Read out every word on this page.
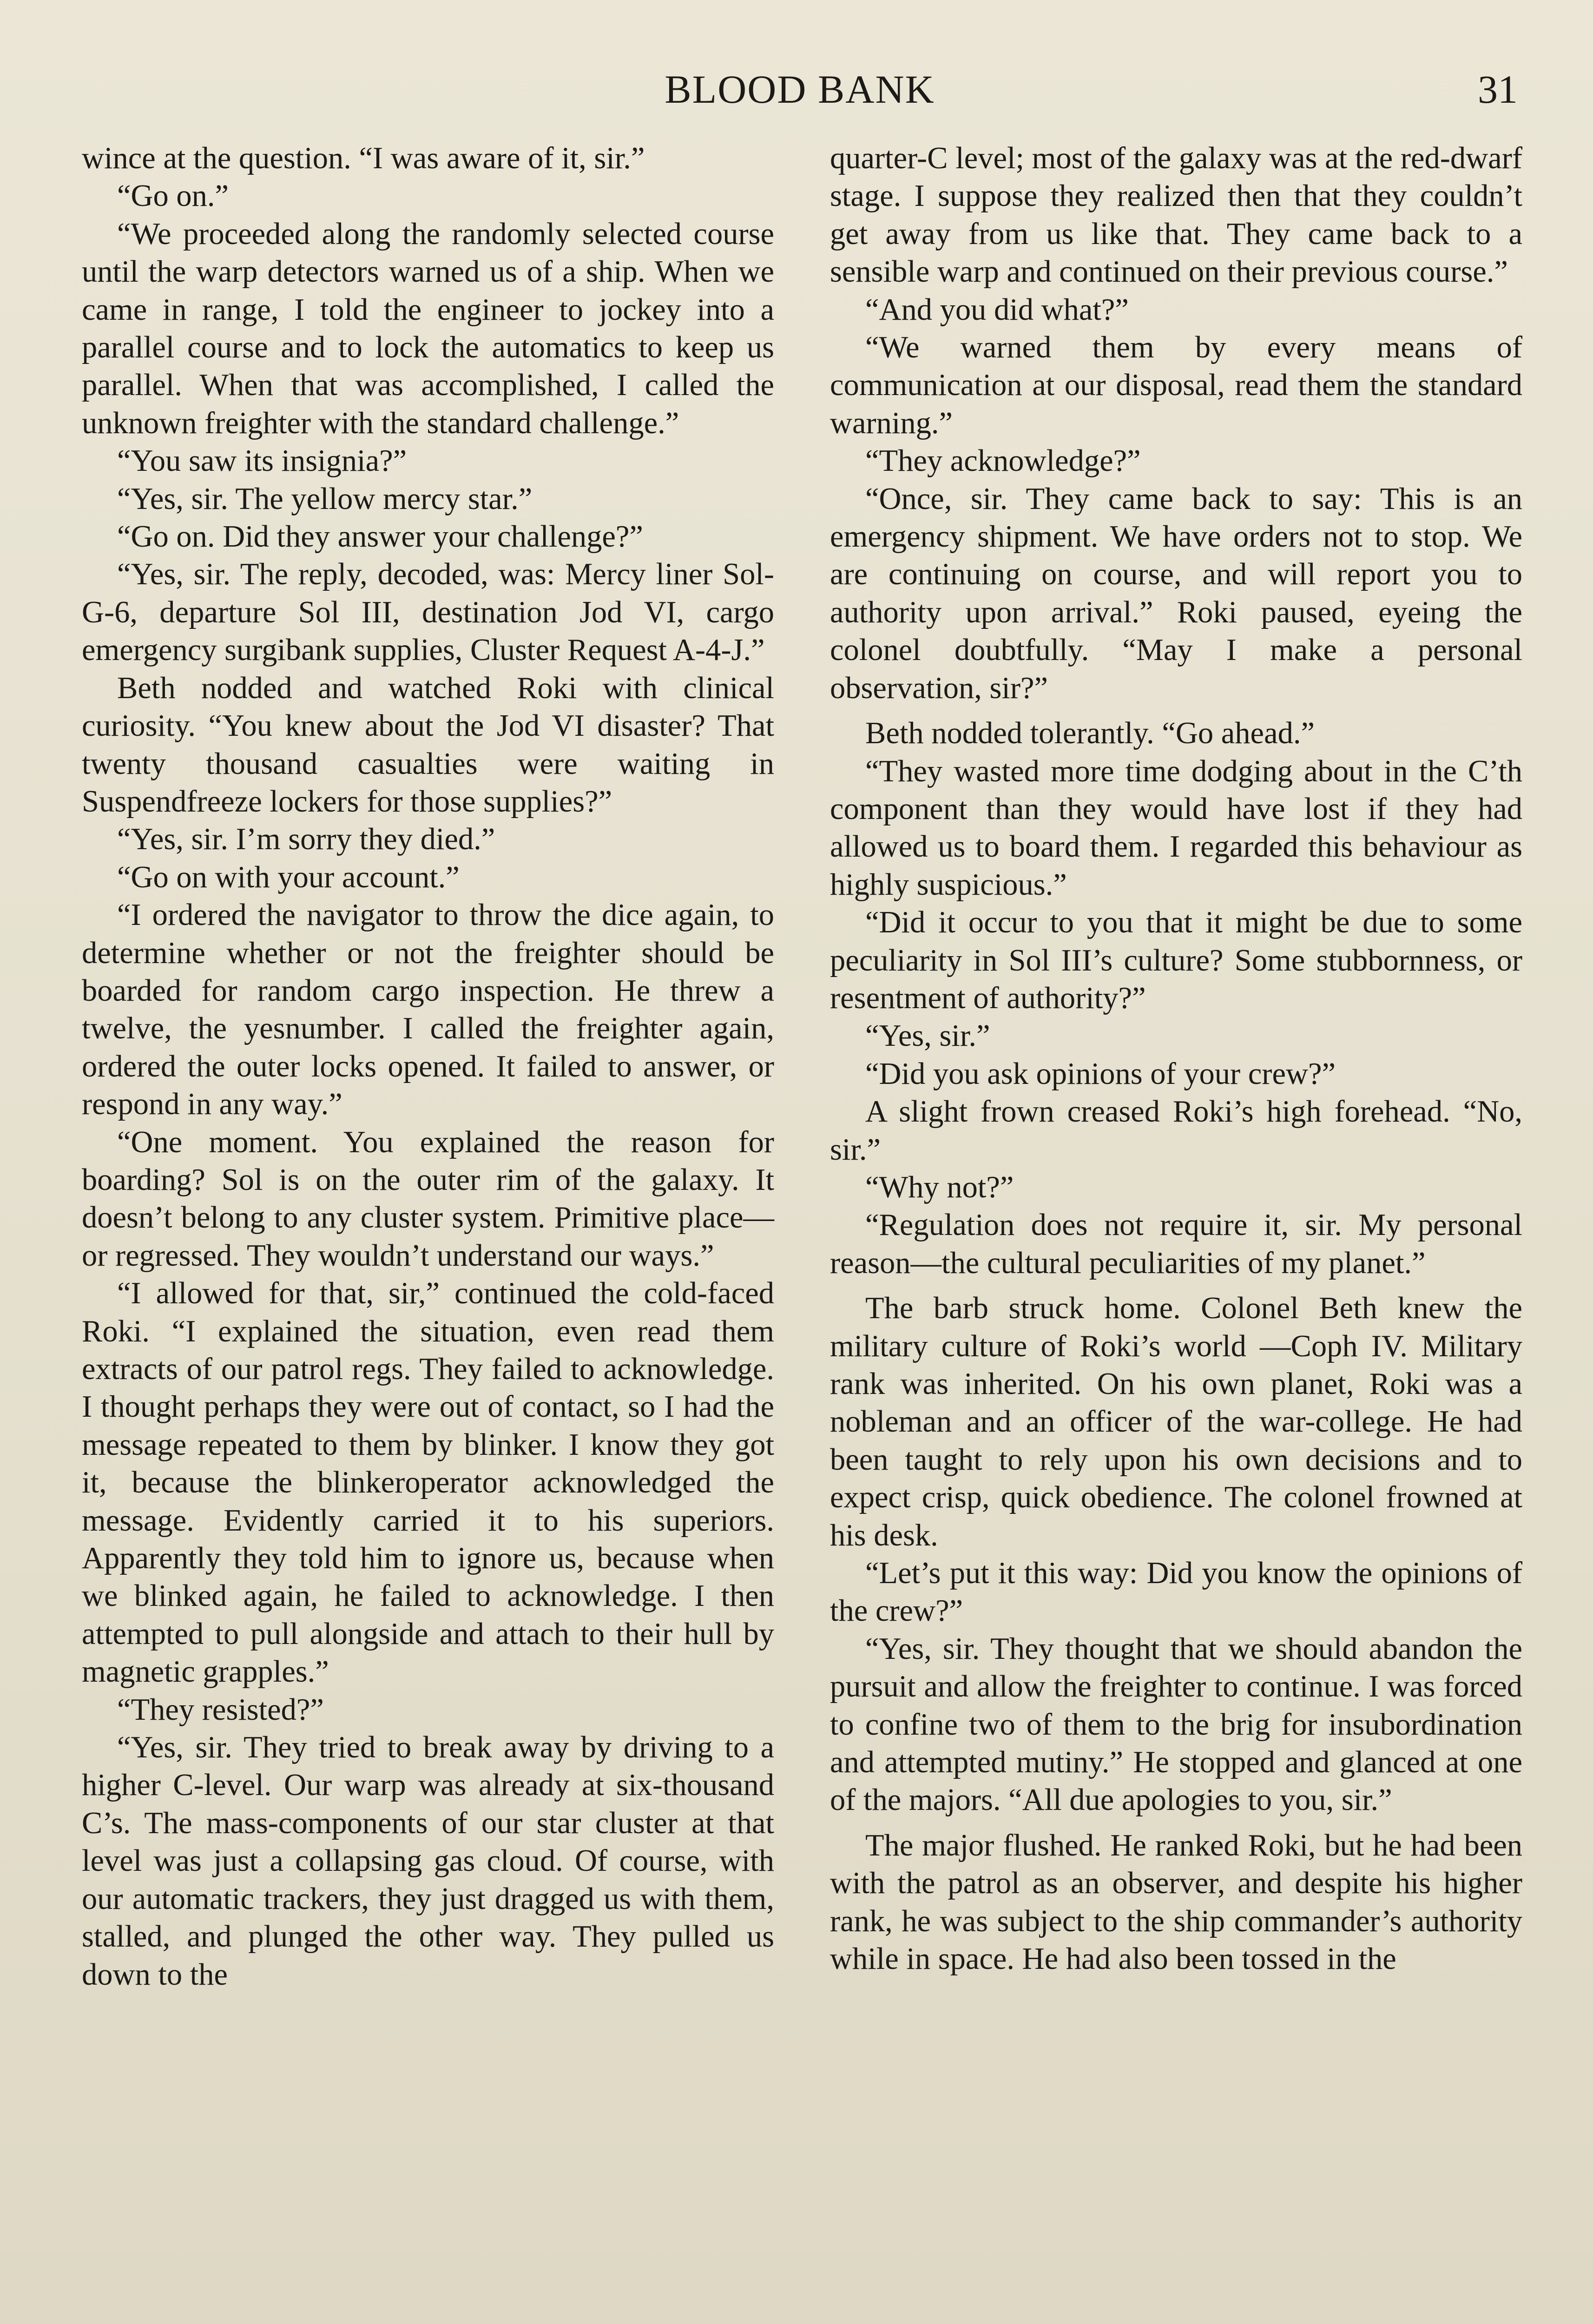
BLOOD BANK	31

wince at the question. “I was aware of it, sir.”

“Go on.”

“We proceeded along the randomly selected course until the warp detectors warned us of a ship. When we came in range, I told the engineer to jockey into a parallel course and to lock the automatics to keep us parallel. When that was accomplished, I called the unknown freighter with the standard challenge.”

“You saw its insignia?”

“Yes, sir. The yellow mercy star.”

“Go on. Did they answer your challenge?”

“Yes, sir. The reply, decoded, was: Mercy liner Sol-G-6, departure Sol III, destination Jod VI, cargo emergency surgibank supplies, Cluster Request A-4-J.”

Beth nodded and watched Roki with clinical curiosity. “You knew about the Jod VI disaster? That twenty thousand casualties were waiting in Suspendfreeze lockers for those supplies?”

“Yes, sir. I’m sorry they died.”

“Go on with your account.”

“I ordered the navigator to throw the dice again, to determine whether or not the freighter should be boarded for random cargo inspection. He threw a twelve, the yesnumber. I called the freighter again, ordered the outer locks opened. It failed to answer, or respond in any way.”

“One moment. You explained the reason for boarding? Sol is on the outer rim of the galaxy. It doesn’t belong to any cluster system. Primitive place—or regressed. They wouldn’t understand our ways.”

“I allowed for that, sir,” continued the cold-faced Roki. “I explained the situation, even read them extracts of our patrol regs. They failed to acknowledge. I thought perhaps they were out of contact, so I had the message repeated to them by blinker. I know they got it, because the blinkeroperator acknowledged the message. Evidently carried it to his superiors. Apparently they told him to ignore us, because when we blinked again, he failed to acknowledge. I then attempted to pull alongside and attach to their hull by magnetic grapples.”

“They resisted?”

“Yes, sir. They tried to break away by driving to a higher C-level. Our warp was already at six-thousand C’s. The mass-components of our star cluster at that level was just a collapsing gas cloud. Of course, with our automatic trackers, they just dragged us with them, stalled, and plunged the other way. They pulled us down to the

quarter-C level; most of the galaxy was at the red-dwarf stage. I suppose they realized then that they couldn’t get away from us like that. They came back to a sensible warp and continued on their previous course.”

“And you did what?”

“We warned them by every means of communication at our disposal, read them the standard warning.”

“They acknowledge?”

“Once, sir. They came back to say: This is an emergency shipment. We have orders not to stop. We are continuing on course, and will report you to authority upon arrival.” Roki paused, eyeing the colonel doubtfully. “May I make a personal observation, sir?”

Beth nodded tolerantly. “Go ahead.”

“They wasted more time dodging about in the C’th component than they would have lost if they had allowed us to board them. I regarded this behaviour as highly suspicious.”

“Did it occur to you that it might be due to some peculiarity in Sol III’s culture? Some stubbornness, or resentment of authority?”

“Yes, sir.”

“Did you ask opinions of your crew?”

A slight frown creased Roki’s high forehead. “No, sir.”

“Why not?”

“Regulation does not require it, sir. My personal reason—the cultural peculiarities of my planet.”

The barb struck home. Colonel Beth knew the military culture of Roki’s world —Coph IV. Military rank was inherited. On his own planet, Roki was a nobleman and an officer of the war-college. He had been taught to rely upon his own decisions and to expect crisp, quick obedience. The colonel frowned at his desk.

“Let’s put it this way: Did you know the opinions of the crew?”

“Yes, sir. They thought that we should abandon the pursuit and allow the freighter to continue. I was forced to confine two of them to the brig for insubordination and attempted mutiny.” He stopped and glanced at one of the majors. “All due apologies to you, sir.”

The major flushed. He ranked Roki, but he had been with the patrol as an observer, and despite his higher rank, he was subject to the ship commander’s authority while in space. He had also been tossed in the
